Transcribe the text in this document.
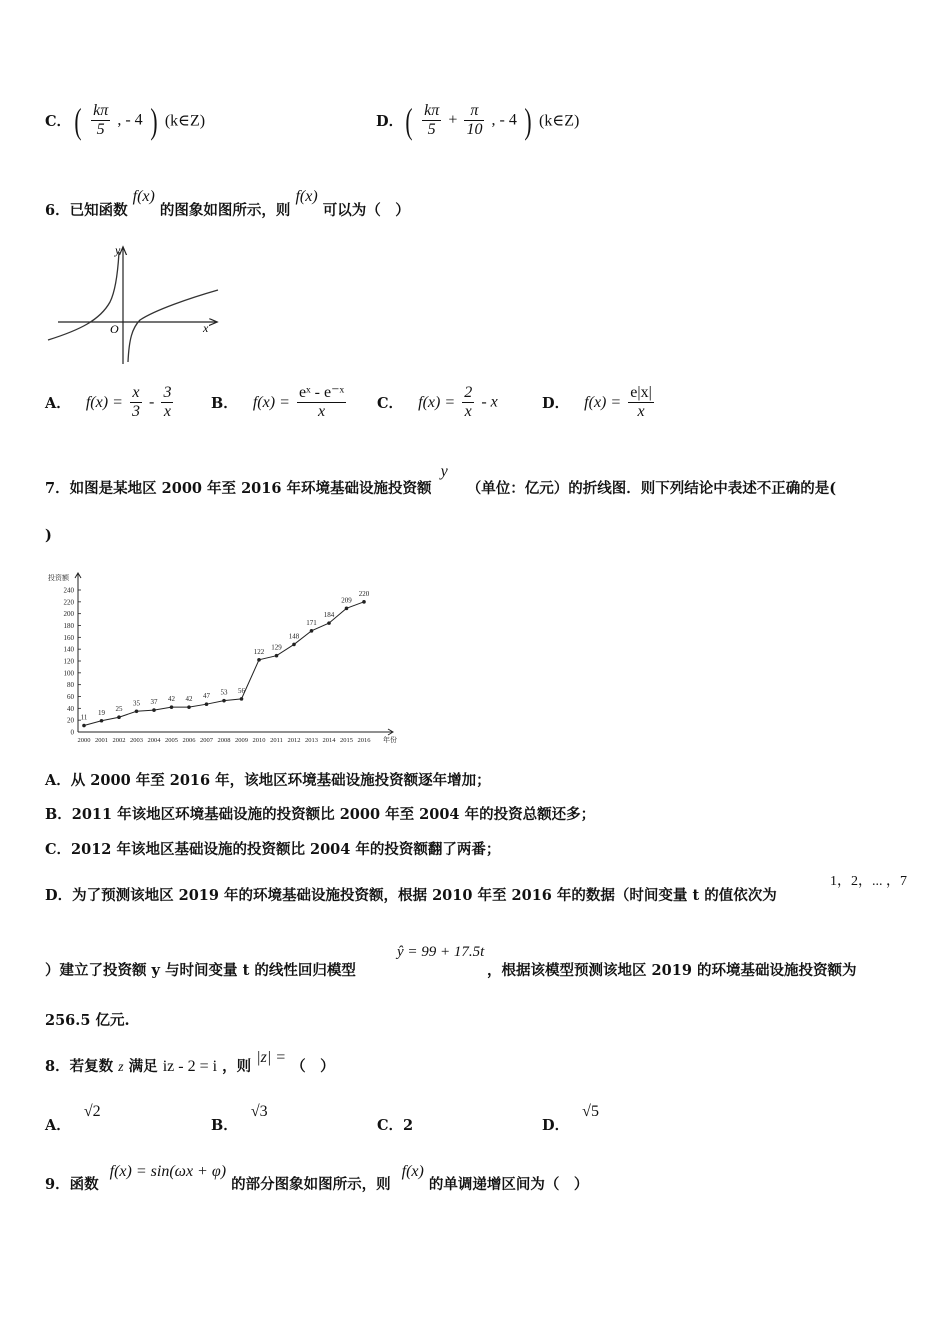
C． ( $\frac{k\pi}{5}$ , - 4 ) (k∈Z)	D． ( $\frac{k\pi}{5} + \frac{\pi}{10}$ , - 4 ) (k∈Z)
6．已知函数 f(x) 的图象如图所示，则 f(x) 可以为（　）
y
x
O
A． $f(x) = \frac{x}{3} - \frac{3}{x}$	B． $f(x) = \frac{\text{eˣ - e⁻ˣ}}{x}$ C． $f(x) = \frac{2}{x} - x$	D． $f(x) = \frac{e|x|}{x}$
7．如图是某地区 2000 年至 2016 年环境基础设施投资额 y （单位：亿元）的折线图．则下列结论中表述不正确的是(
)
0
20
40
60
80
100
120
140
160
180
200
220
240
2000 2001 2002 2003 2004 2005 2006 2007 2008 2009 2010 2011 2012 2013 2014 2015 2016
投资额
年份
11
19 25
35 37 42 42 47 53 56
122
129
148
171
184
209
220
A．从 2000 年至 2016 年，该地区环境基础设施投资额逐年增加；
B．2011 年该地区环境基础设施的投资额比 2000 年至 2004 年的投资总额还多；
C．2012 年该地区基础设施的投资额比 2004 年的投资额翻了两番；
D．为了预测该地区 2019 年的环境基础设施投资额，根据 2010 年至 2016 年的数据（时间变量 t 的值依次为
1，2，... ，7
）建立了投资额 y 与时间变量 t 的线性回归模型
ŷ = 99 + 17.5t
，根据该模型预测该地区 2019 的环境基础设施投资额为
256.5 亿元.
8．若复数 z 满足 iz - 2 = i ，则 |z| = （　）
A． √2
B． √3
C．2	D． √5
9．函数 f(x) = sin(ωx + φ) 的部分图象如图所示，则 f(x) 的单调递增区间为（　）
